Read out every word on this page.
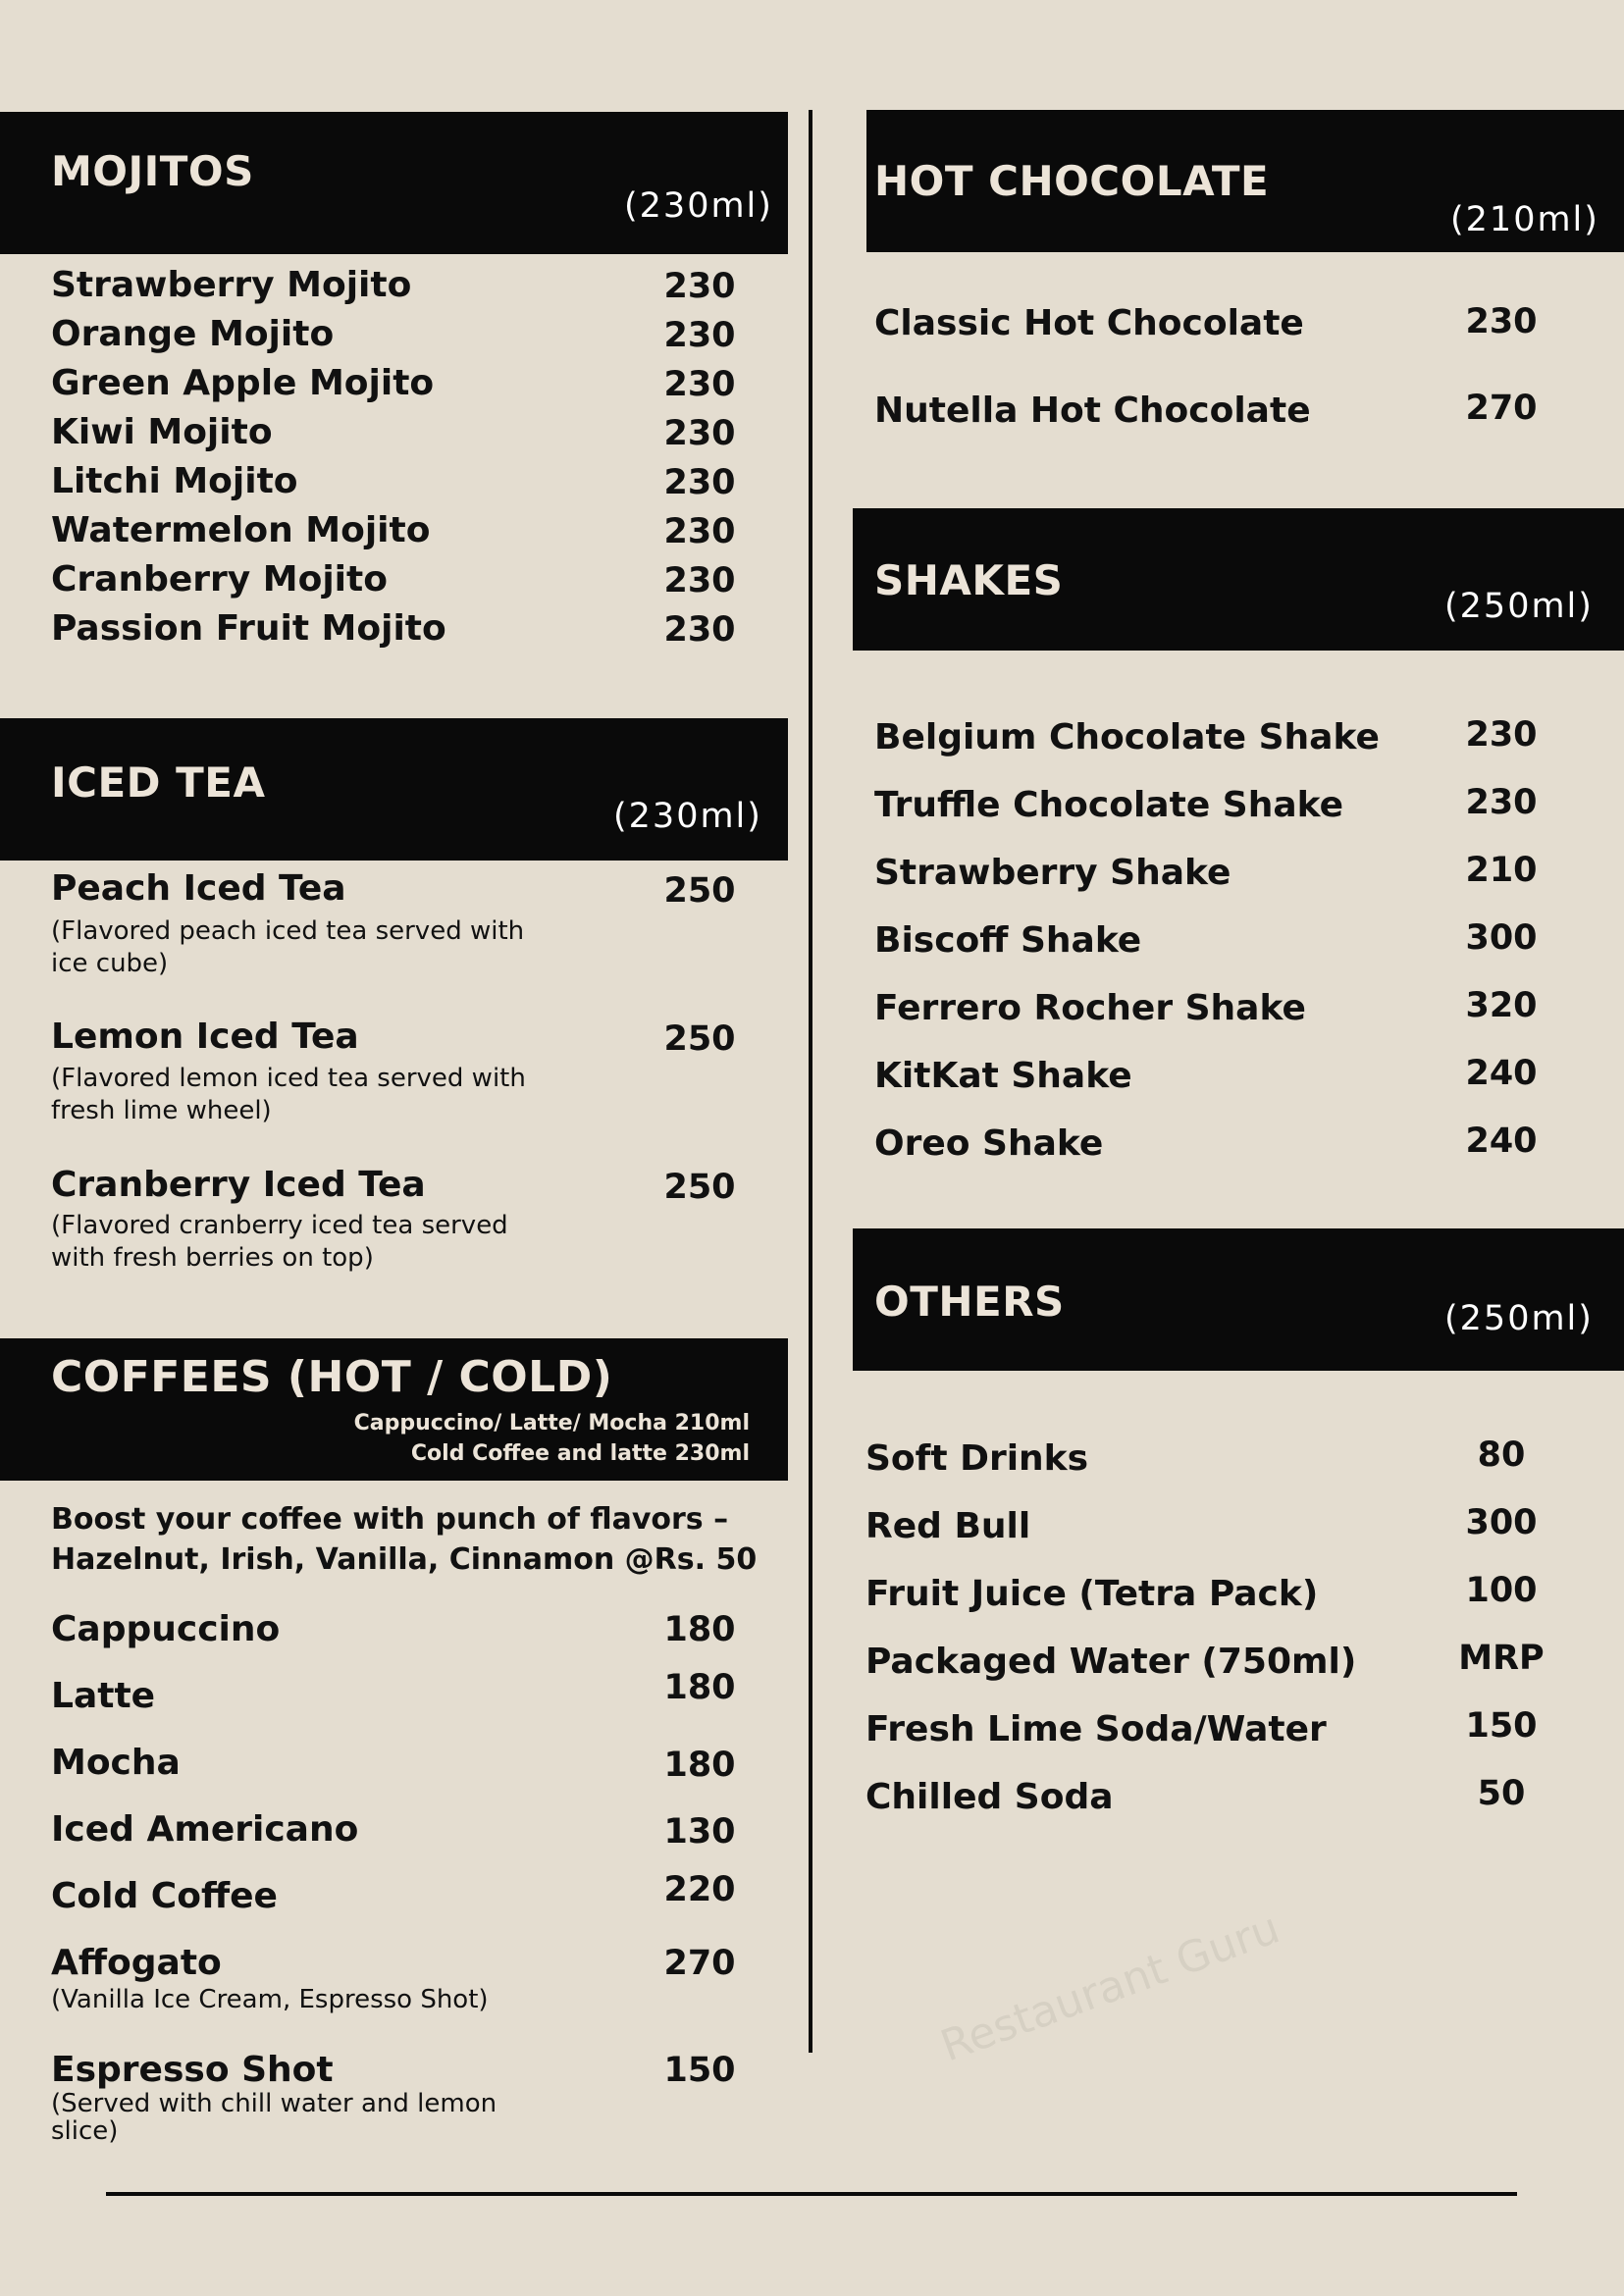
MOJITOS
(230ml)
Strawberry Mojito	230
Orange Mojito	230
Green Apple Mojito	230
Kiwi Mojito	230
Litchi Mojito	230
Watermelon Mojito	230
Cranberry Mojito	230
Passion Fruit Mojito	230
ICED TEA
(230ml)
Peach Iced Tea	250
(Flavored peach iced tea served with ice cube)
Lemon Iced Tea	250
(Flavored lemon iced tea served with fresh lime wheel)
Cranberry Iced Tea	250
(Flavored cranberry iced tea served with fresh berries on top)
COFFEES (HOT / COLD)
Cappuccino/ Latte/ Mocha 210ml
Cold Coffee and latte 230ml
Boost your coffee with punch of flavors – Hazelnut, Irish, Vanilla, Cinnamon @Rs. 50
Cappuccino	180
Latte	180
Mocha	180
Iced Americano	130
Cold Coffee	220
Affogato	270
(Vanilla Ice Cream, Espresso Shot)
Espresso Shot	150
(Served with chill water and lemon slice)
HOT CHOCOLATE
(210ml)
Classic Hot Chocolate	230
Nutella Hot Chocolate	270
SHAKES
(250ml)
Belgium Chocolate Shake	230
Truffle Chocolate Shake	230
Strawberry Shake	210
Biscoff Shake	300
Ferrero Rocher Shake	320
KitKat Shake	240
Oreo Shake	240
OTHERS	(250ml)
Soft Drinks	80
Red Bull	300
Fruit Juice (Tetra Pack)	100
Packaged Water (750ml)	MRP
Fresh Lime Soda/Water	150
Chilled Soda	50
Restaurant Guru
